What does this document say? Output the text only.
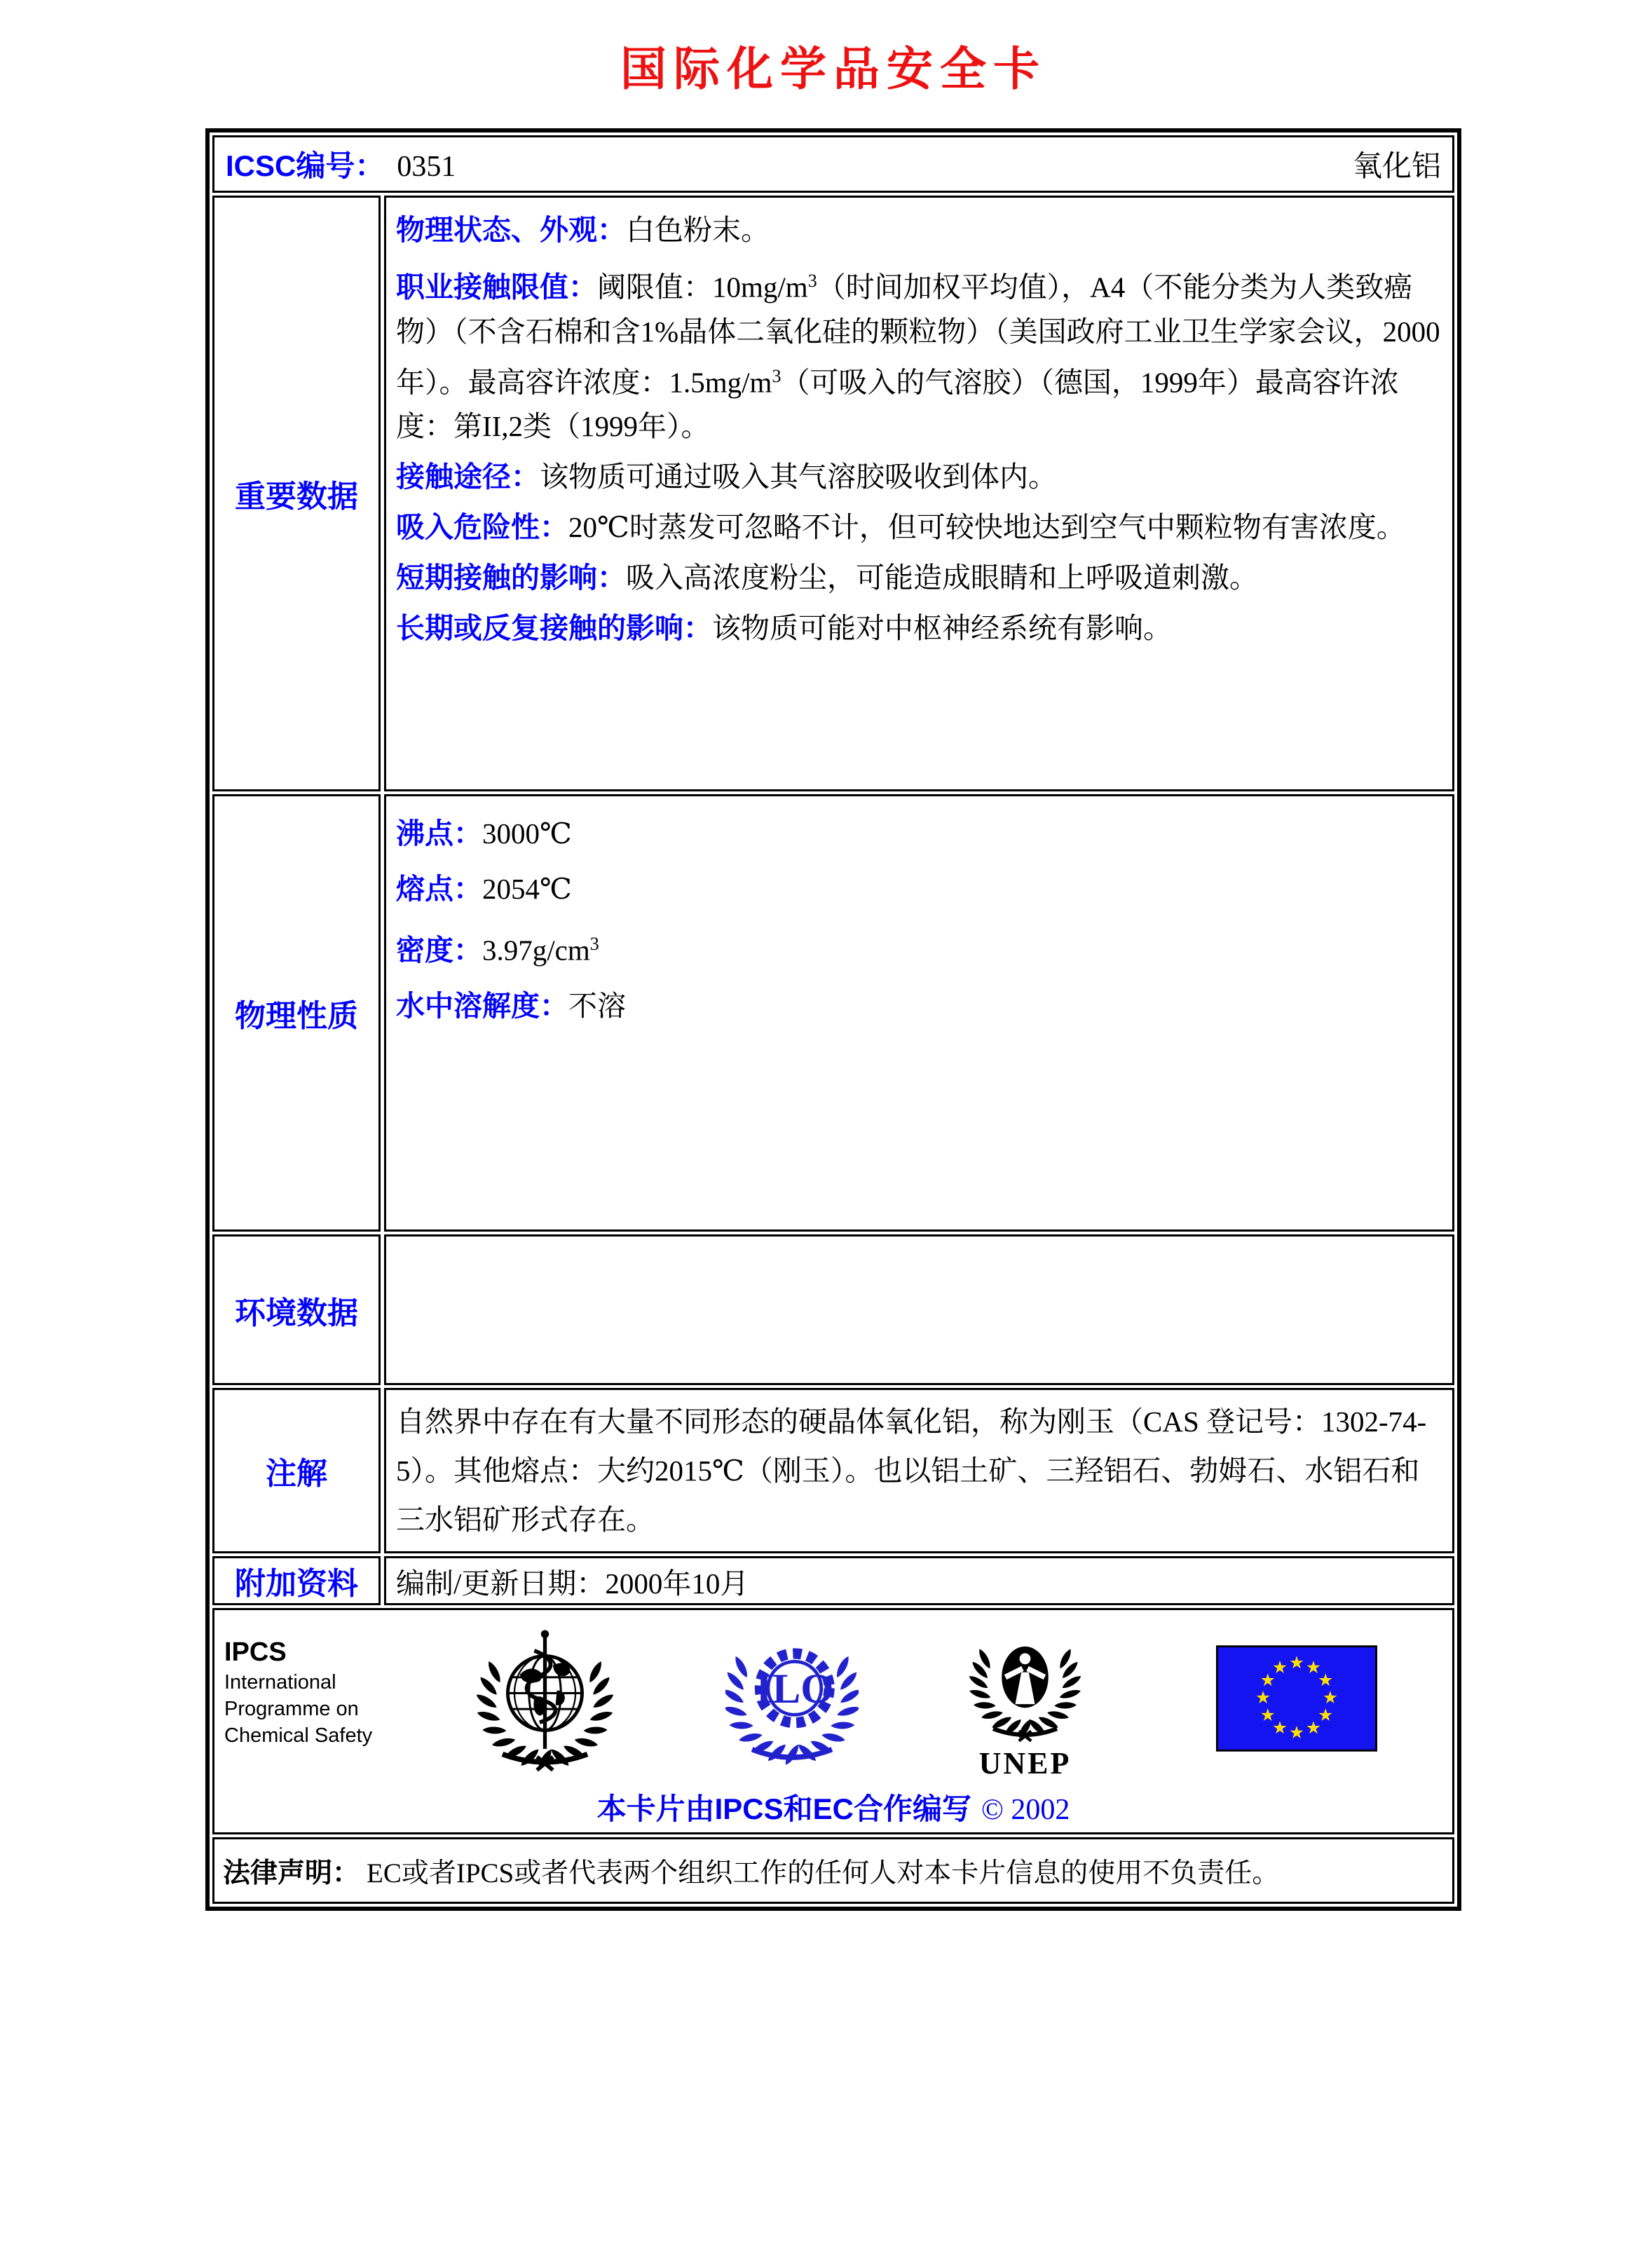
国际化学品安全卡
ICSC编号： 0351	氧化铝
重要数据

物理状态、外观：白色粉末。

职业接触限值：阈限值：$10mg/m^3$（时间加权平均值），A4（不能分类为人类致癌物）（不含石棉和含1%晶体二氧化硅的颗粒物）（美国政府工业卫生学家会议，2000年）。最高容许浓度：$1.5mg/m^3$（可吸入的气溶胶）（德国，1999年）最高容许浓度：第II,2类（1999年）。

接触途径：该物质可通过吸入其气溶胶吸收到体内。

吸入危险性：20℃时蒸发可忽略不计，但可较快地达到空气中颗粒物有害浓度。

短期接触的影响：吸入高浓度粉尘，可能造成眼睛和上呼吸道刺激。

长期或反复接触的影响：该物质可能对中枢神经系统有影响。

物理性质

沸点：3000℃

熔点：2054℃

密度：$3.97g/cm^3$

水中溶解度：不溶

环境数据
注解

自然界中存在有大量不同形态的硬晶体氧化铝，称为刚玉（CAS 登记号：1302-74-5）。其他熔点：大约2015℃（刚玉）。也以铝土矿、三羟铝石、勃姆石、水铝石和三水铝矿形式存在。

附加资料	编制/更新日期：2000年10月
IPCS
International
Programme on
Chemical Safety
ILO
UNEP
本卡片由IPCS和EC合作编写 © 2002
法律声明： EC或者IPCS或者代表两个组织工作的任何人对本卡片信息的使用不负责任。
